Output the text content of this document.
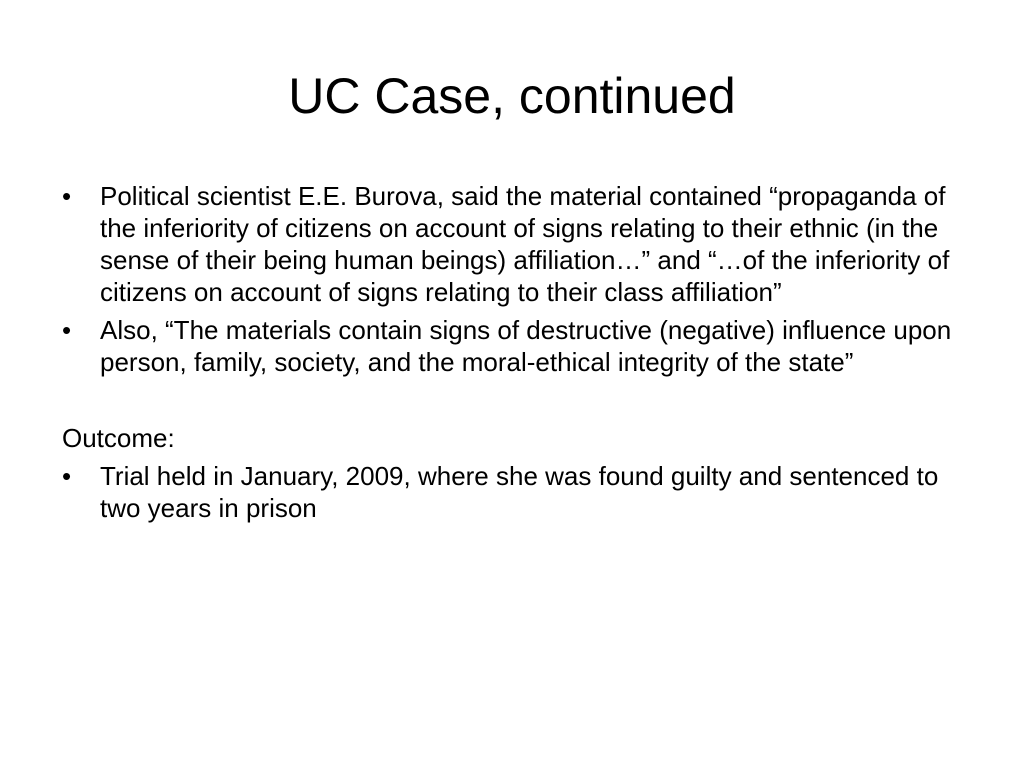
UC Case, continued
•	Political scientist E.E. Burova, said the material contained “propaganda of the inferiority of citizens on account of signs relating to their ethnic (in the sense of their being human beings) affiliation…” and “…of the inferiority of citizens on account of signs relating to their class affiliation”
•	Also, “The materials contain signs of destructive (negative) influence upon person, family, society, and the moral-ethical integrity of the state”
Outcome:
•	Trial held in January, 2009, where she was found guilty and sentenced to two years in prison
